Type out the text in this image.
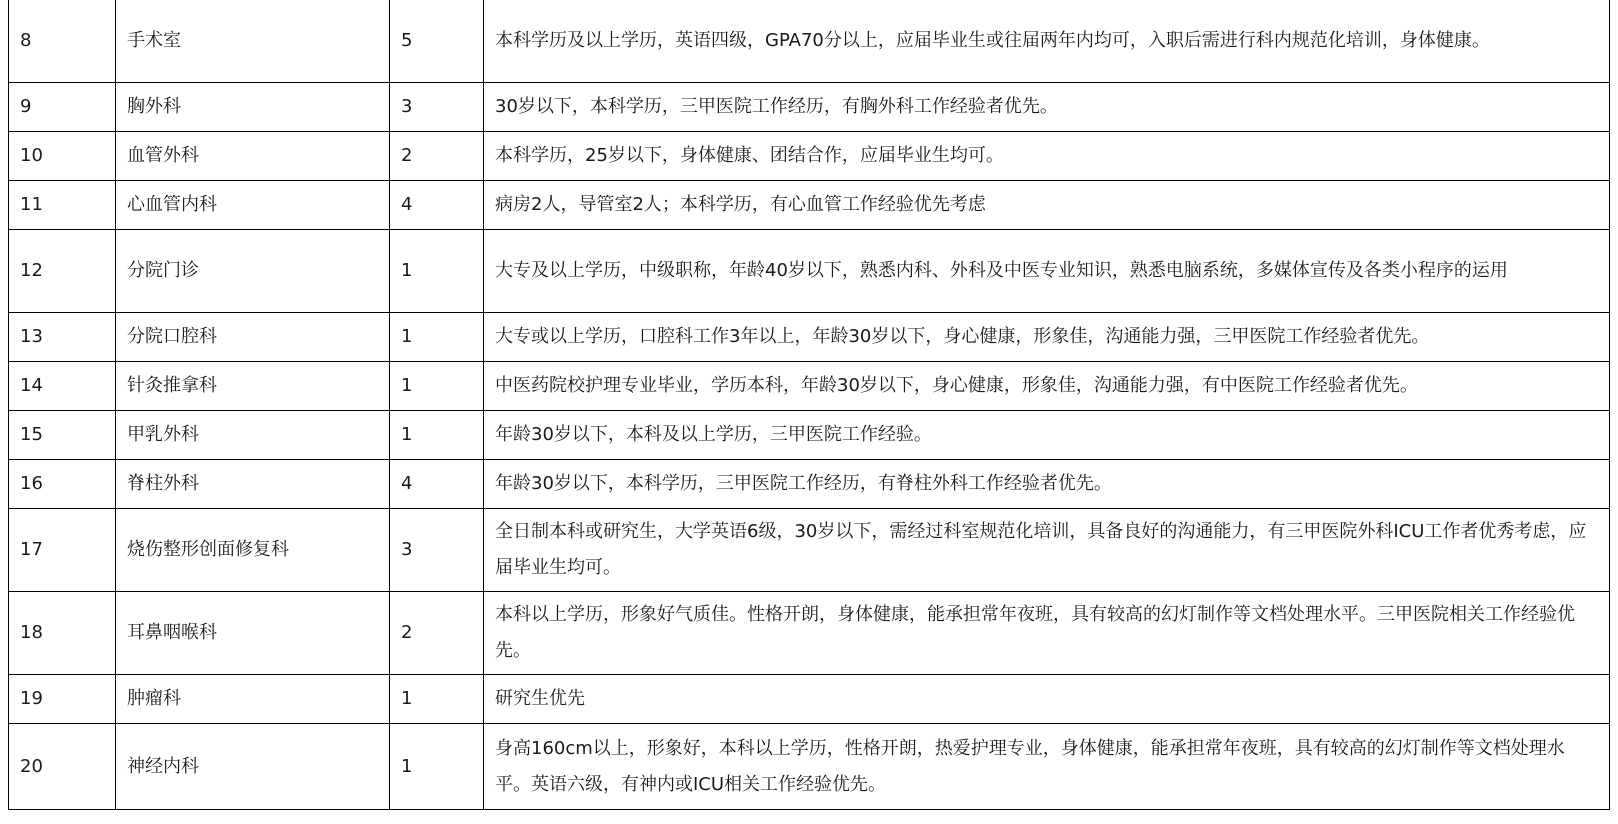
8	手术室	5	本科学历及以上学历，英语四级，GPA70分以上，应届毕业生或往届两年内均可，入职后需进行科内规范化培训，身体健康。
9	胸外科	3	30岁以下，本科学历，三甲医院工作经历，有胸外科工作经验者优先。
10	血管外科	2	本科学历，25岁以下，身体健康、团结合作，应届毕业生均可。
11	心血管内科	4	病房2人，导管室2人；本科学历，有心血管工作经验优先考虑
12	分院门诊	1	大专及以上学历，中级职称，年龄40岁以下，熟悉内科、外科及中医专业知识，熟悉电脑系统，多媒体宣传及各类小程序的运用
13	分院口腔科	1	大专或以上学历，口腔科工作3年以上，年龄30岁以下，身心健康，形象佳，沟通能力强，三甲医院工作经验者优先。
14	针灸推拿科	1	中医药院校护理专业毕业，学历本科，年龄30岁以下，身心健康，形象佳，沟通能力强，有中医院工作经验者优先。
15	甲乳外科	1	年龄30岁以下，本科及以上学历，三甲医院工作经验。
16	脊柱外科	4	年龄30岁以下，本科学历，三甲医院工作经历，有脊柱外科工作经验者优先。
17	烧伤整形创面修复科	3	全日制本科或研究生，大学英语6级，30岁以下，需经过科室规范化培训，具备良好的沟通能力，有三甲医院外科ICU工作者优秀考虑，应届毕业生均可。
18	耳鼻咽喉科	2	本科以上学历，形象好气质佳。性格开朗，身体健康，能承担常年夜班，具有较高的幻灯制作等文档处理水平。三甲医院相关工作经验优先。
19	肿瘤科	1	研究生优先
20	神经内科	1	身高160cm以上，形象好，本科以上学历，性格开朗，热爱护理专业，身体健康，能承担常年夜班，具有较高的幻灯制作等文档处理水平。英语六级，有神内或ICU相关工作经验优先。
